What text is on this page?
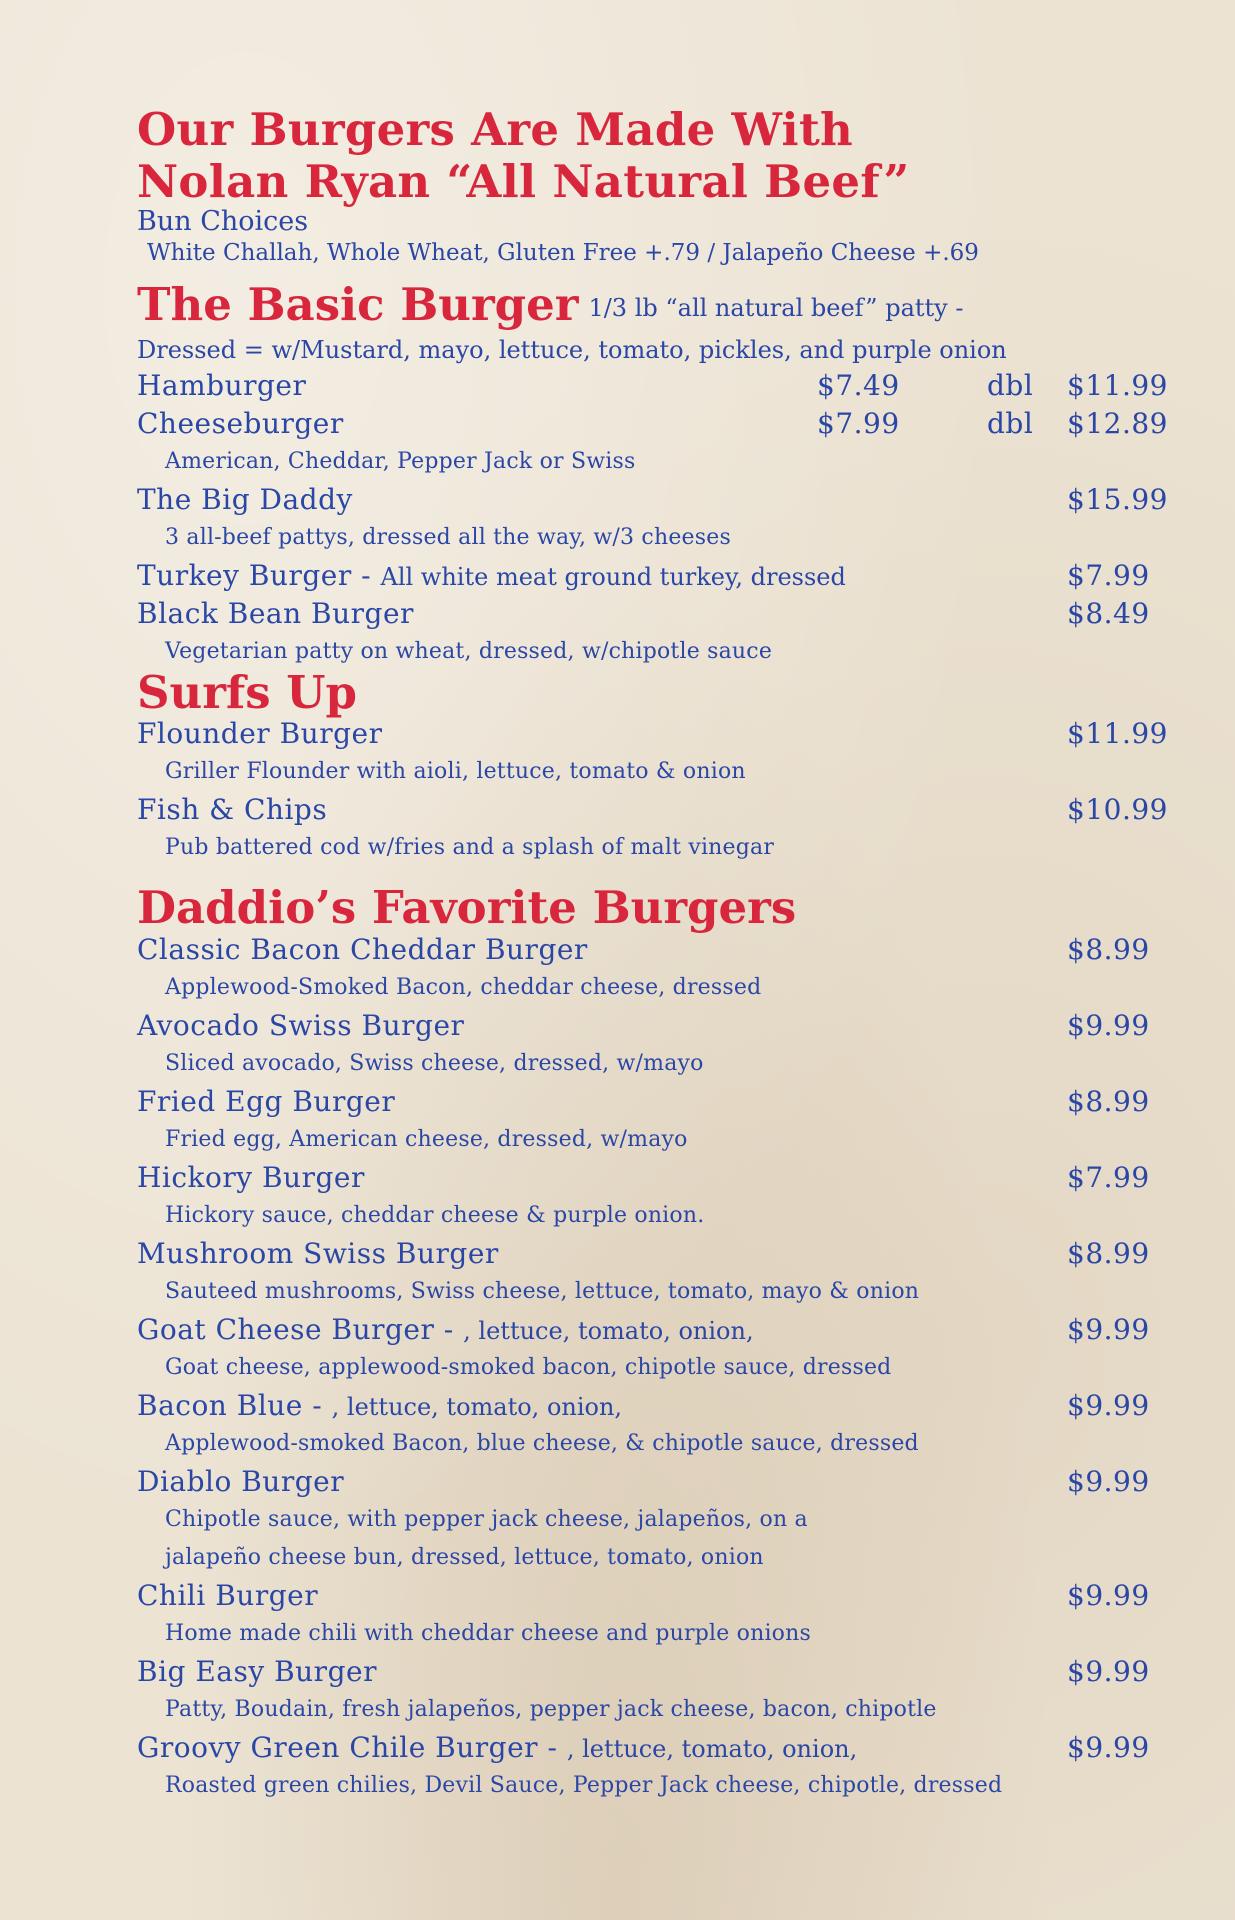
Our Burgers Are Made With
Nolan Ryan “All Natural Beef”
Bun Choices
White Challah, Whole Wheat, Gluten Free +.79 / Jalapeño Cheese +.69
The Basic Burger 1/3 lb “all natural beef” patty -
Dressed = w/Mustard, mayo, lettuce, tomato, pickles, and purple onion
Hamburger	$7.49	dbl	$11.99
Cheeseburger	$7.99	dbl	$12.89
American, Cheddar, Pepper Jack or Swiss
The Big Daddy	$15.99
3 all-beef pattys, dressed all the way, w/3 cheeses
Turkey Burger - All white meat ground turkey, dressed	$7.99
Black Bean Burger	$8.49
Vegetarian patty on wheat, dressed, w/chipotle sauce
Surfs Up
Flounder Burger	$11.99
Griller Flounder with aioli, lettuce, tomato & onion
Fish & Chips	$10.99
Pub battered cod w/fries and a splash of malt vinegar
Daddio’s Favorite Burgers
Classic Bacon Cheddar Burger	$8.99
Applewood-Smoked Bacon, cheddar cheese, dressed
Avocado Swiss Burger	$9.99
Sliced avocado, Swiss cheese, dressed, w/mayo
Fried Egg Burger	$8.99
Fried egg, American cheese, dressed, w/mayo
Hickory Burger	$7.99
Hickory sauce, cheddar cheese & purple onion.
Mushroom Swiss Burger	$8.99
Sauteed mushrooms, Swiss cheese, lettuce, tomato, mayo & onion
Goat Cheese Burger - , lettuce, tomato, onion,	$9.99
Goat cheese, applewood-smoked bacon, chipotle sauce, dressed
Bacon Blue - , lettuce, tomato, onion,	$9.99
Applewood-smoked Bacon, blue cheese, & chipotle sauce, dressed
Diablo Burger	$9.99
Chipotle sauce, with pepper jack cheese, jalapeños, on a
jalapeño cheese bun, dressed, lettuce, tomato, onion
Chili Burger	$9.99
Home made chili with cheddar cheese and purple onions
Big Easy Burger	$9.99
Patty, Boudain, fresh jalapeños, pepper jack cheese, bacon, chipotle
Groovy Green Chile Burger - , lettuce, tomato, onion,	$9.99
Roasted green chilies, Devil Sauce, Pepper Jack cheese, chipotle, dressed
